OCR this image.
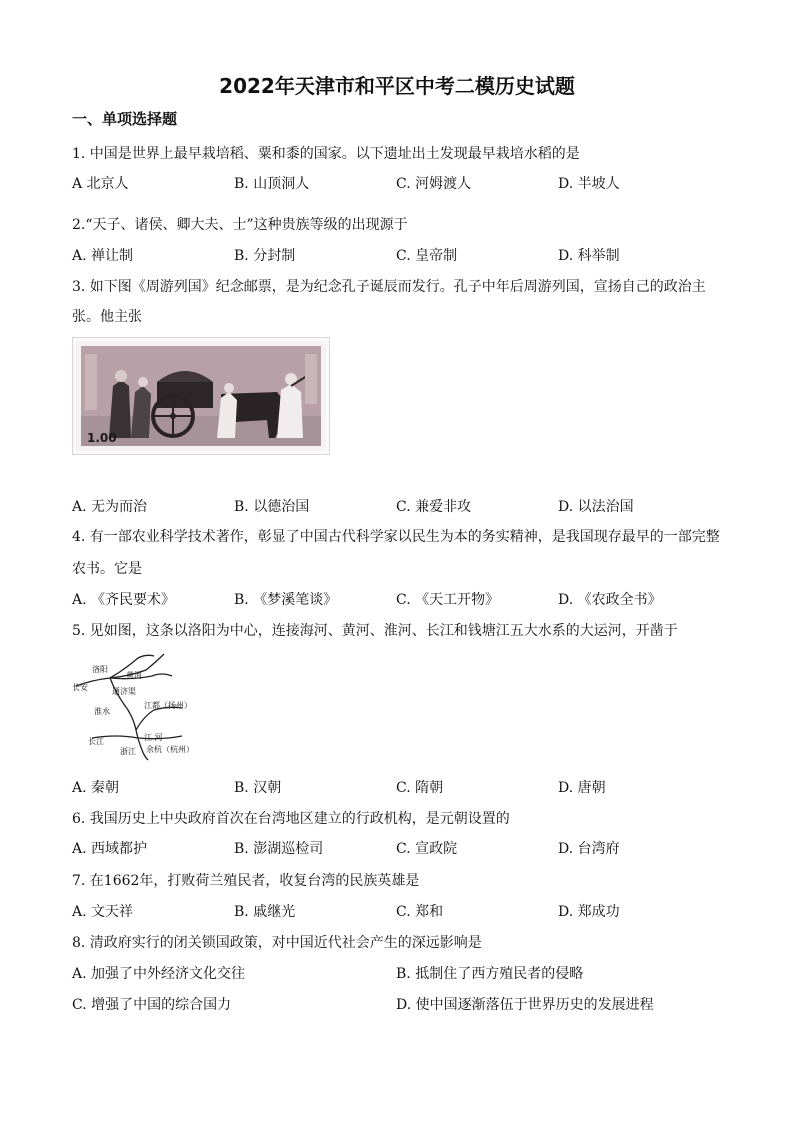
2022年天津市和平区中考二模历史试题
一、单项选择题
1. 中国是世界上最早栽培稻、粟和黍的国家。以下遗址出土发现最早栽培水稻的是
A 北京人	B. 山顶洞人	C. 河姆渡人	D. 半坡人
2.“天子、诸侯、卿大夫、士”这种贵族等级的出现源于
A. 禅让制	B. 分封制	C. 皇帝制	D. 科举制
3. 如下图《周游列国》纪念邮票，是为纪念孔子诞辰而发行。孔子中年后周游列国，宣扬自己的政治主
张。他主张
1.00
A. 无为而治	B. 以德治国	C. 兼爱非攻	D. 以法治国
4. 有一部农业科学技术著作，彰显了中国古代科学家以民生为本的务实精神，是我国现存最早的一部完整
农书。它是
A. 《齐民要术》	B. 《梦溪笔谈》	C. 《天工开物》	D. 《农政全书》
5. 见如图，这条以洛阳为中心，连接海河、黄河、淮河、长江和钱塘江五大水系的大运河，开凿于
洛阳
长安
黄河
通济渠
淮水
江都（扬州）
长江
浙江 余杭（杭州）
江 河
A. 秦朝	B. 汉朝	C. 隋朝	D. 唐朝
6. 我国历史上中央政府首次在台湾地区建立的行政机构，是元朝设置的
A. 西域都护	B. 澎湖巡检司	C. 宣政院	D. 台湾府
7. 在1662年，打败荷兰殖民者，收复台湾的民族英雄是
A. 文天祥	B. 戚继光	C. 郑和	D. 郑成功
8. 清政府实行的闭关锁国政策，对中国近代社会产生的深远影响是
A. 加强了中外经济文化交往	B. 抵制住了西方殖民者的侵略
C. 增强了中国的综合国力	D. 使中国逐渐落伍于世界历史的发展进程
